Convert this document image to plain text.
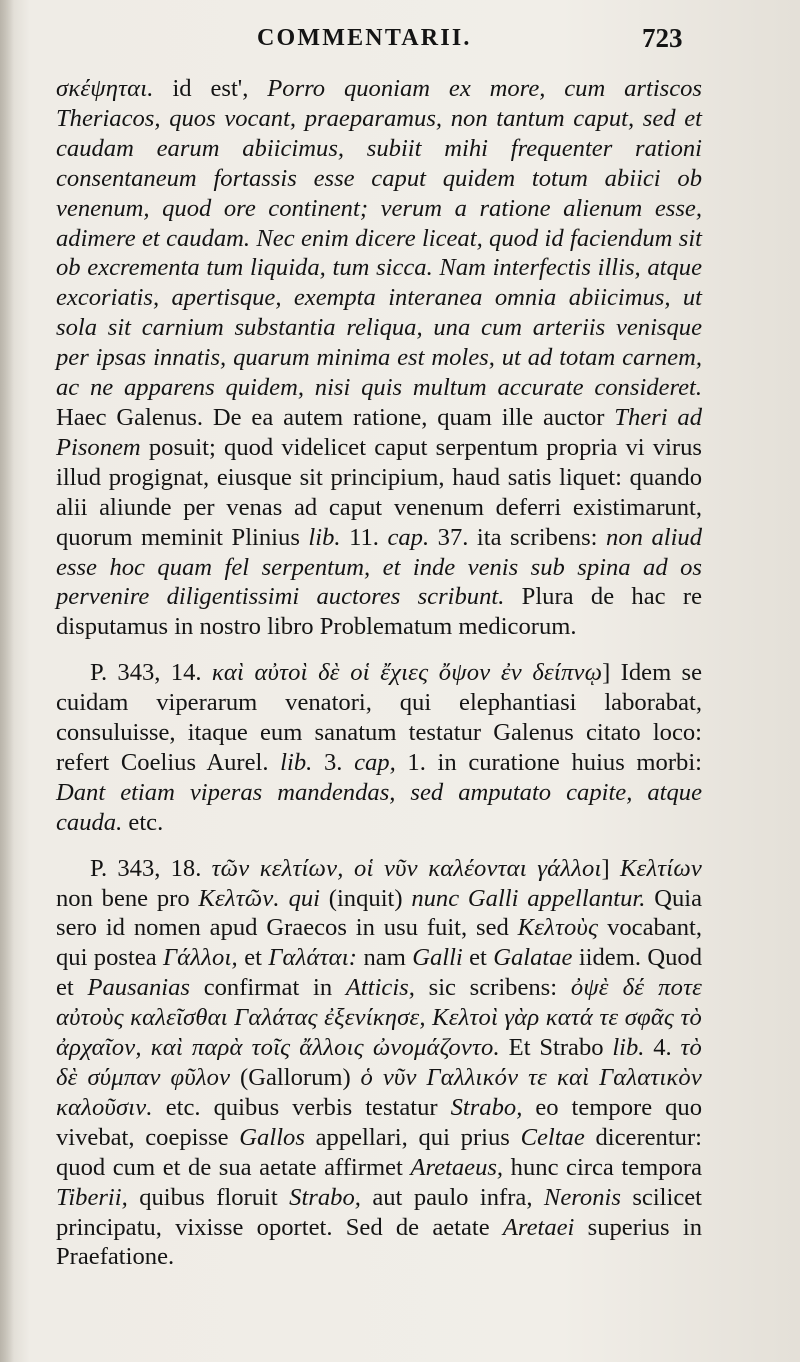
COMMENTARII.	723

σκέψηται. id est', Porro quoniam ex more, cum artiscos Theriacos, quos vocant, praeparamus, non tantum caput, sed et caudam earum abiicimus, subiit mihi frequenter rationi consentaneum fortassis esse caput quidem totum abiici ob venenum, quod ore continent; verum a ratione alienum esse, adimere et caudam. Nec enim dicere liceat, quod id faciendum sit ob excrementa tum liquida, tum sicca. Nam interfectis illis, atque excoriatis, apertisque, exempta interanea omnia abiicimus, ut sola sit carnium substantia reliqua, una cum arteriis venisque per ipsas innatis, quarum minima est moles, ut ad totam carnem, ac ne apparens quidem, nisi quis multum accurate consideret. Haec Galenus. De ea autem ratione, quam ille auctor Theri ad Pisonem posuit; quod videlicet caput serpentum propria vi virus illud progignat, eiusque sit principium, haud satis liquet: quando alii aliunde per venas ad caput venenum deferri existimarunt, quorum meminit Plinius lib. 11. cap. 37. ita scribens: non aliud esse hoc quam fel serpentum, et inde venis sub spina ad os pervenire diligentissimi auctores scribunt. Plura de hac re disputamus in nostro libro Problematum medicorum.

P. 343, 14. καὶ αὐτοὶ δὲ οἱ ἔχιες ὄψον ἐν δείπνῳ] Idem se cuidam viperarum venatori, qui elephantiasi laborabat, consuluisse, itaque eum sanatum testatur Galenus citato loco: refert Coelius Aurel. lib. 3. cap, 1. in curatione huius morbi: Dant etiam viperas mandendas, sed amputato capite, atque cauda. etc.

P. 343, 18. τῶν κελτίων, οἱ νῦν καλέονται γάλλοι] Κελτίων non bene pro Κελτῶν. qui (inquit) nunc Galli appellantur. Quia sero id nomen apud Graecos in usu fuit, sed Κελτοὺς vocabant, qui postea Γάλλοι, et Γαλάται: nam Galli et Galatae iidem. Quod et Pausanias confirmat in Atticis, sic scribens: ὀψὲ δέ ποτε αὐτοὺς καλεῖσθαι Γαλάτας ἐξενίκησε, Κελτοὶ γὰρ κατά τε σφᾶς τὸ ἀρχαῖον, καὶ παρὰ τοῖς ἄλλοις ὠνομάζοντο. Et Strabo lib. 4. τὸ δὲ σύμπαν φῦλον (Gallorum) ὁ νῦν Γαλλικόν τε καὶ Γαλατικὸν καλοῦσιν. etc. quibus verbis testatur Strabo, eo tempore quo vivebat, coepisse Gallos appellari, qui prius Celtae dicerentur: quod cum et de sua aetate affirmet Aretaeus, hunc circa tempora Tiberii, quibus floruit Strabo, aut paulo infra, Neronis scilicet principatu, vixisse oportet. Sed de aetate Aretaei superius in Praefatione.
